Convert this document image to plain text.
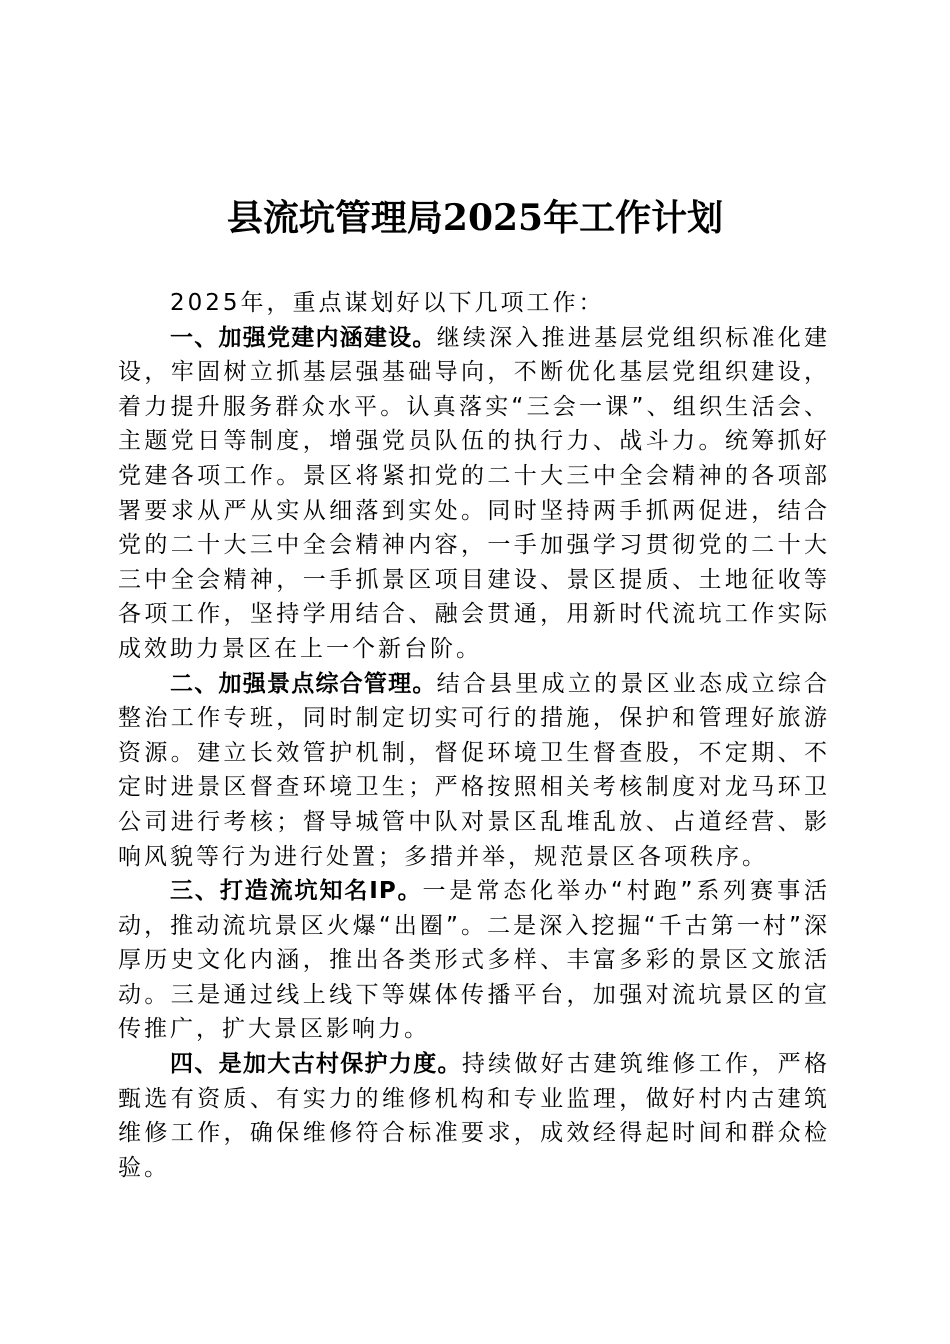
县流坑管理局2025年工作计划

2025年，重点谋划好以下几项工作：

一、加强党建内涵建设。继续深入推进基层党组织标准化建设，牢固树立抓基层强基础导向，不断优化基层党组织建设，着力提升服务群众水平。认真落实“三会一课”、组织生活会、主题党日等制度，增强党员队伍的执行力、战斗力。统筹抓好党建各项工作。景区将紧扣党的二十大三中全会精神的各项部署要求从严从实从细落到实处。同时坚持两手抓两促进，结合党的二十大三中全会精神内容，一手加强学习贯彻党的二十大三中全会精神，一手抓景区项目建设、景区提质、土地征收等各项工作，坚持学用结合、融会贯通，用新时代流坑工作实际成效助力景区在上一个新台阶。

二、加强景点综合管理。结合县里成立的景区业态成立综合整治工作专班，同时制定切实可行的措施，保护和管理好旅游资源。建立长效管护机制，督促环境卫生督查股，不定期、不定时进景区督查环境卫生；严格按照相关考核制度对龙马环卫公司进行考核；督导城管中队对景区乱堆乱放、占道经营、影响风貌等行为进行处置；多措并举，规范景区各项秩序。

三、打造流坑知名IP。一是常态化举办“村跑”系列赛事活动，推动流坑景区火爆“出圈”。二是深入挖掘“千古第一村”深厚历史文化内涵，推出各类形式多样、丰富多彩的景区文旅活动。三是通过线上线下等媒体传播平台，加强对流坑景区的宣传推广，扩大景区影响力。

四、是加大古村保护力度。持续做好古建筑维修工作，严格甄选有资质、有实力的维修机构和专业监理，做好村内古建筑维修工作，确保维修符合标准要求，成效经得起时间和群众检验。
